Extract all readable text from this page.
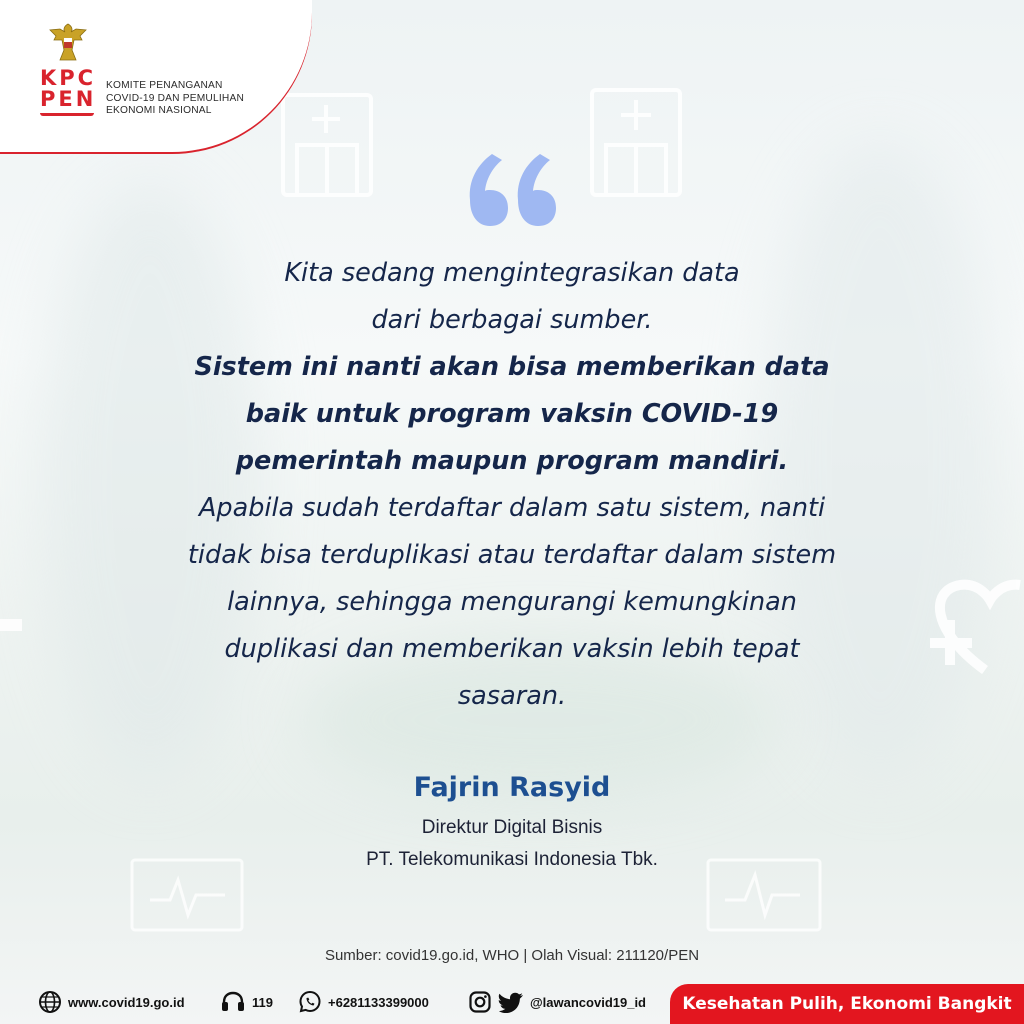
KPC
PEN
KOMITE PENANGANAN
COVID-19 DAN PEMULIHAN
EKONOMI NASIONAL
Kita sedang mengintegrasikan data
dari berbagai sumber.
Sistem ini nanti akan bisa memberikan data
baik untuk program vaksin COVID-19
pemerintah maupun program mandiri.
Apabila sudah terdaftar dalam satu sistem, nanti
tidak bisa terduplikasi atau terdaftar dalam sistem
lainnya, sehingga mengurangi kemungkinan
duplikasi dan memberikan vaksin lebih tepat
sasaran.
Fajrin Rasyid
Direktur Digital Bisnis
PT. Telekomunikasi Indonesia Tbk.
Sumber: covid19.go.id, WHO | Olah Visual: 211120/PEN
www.covid19.go.id	119	+6281133399000	@lawancovid19_id	Kesehatan Pulih, Ekonomi Bangkit
